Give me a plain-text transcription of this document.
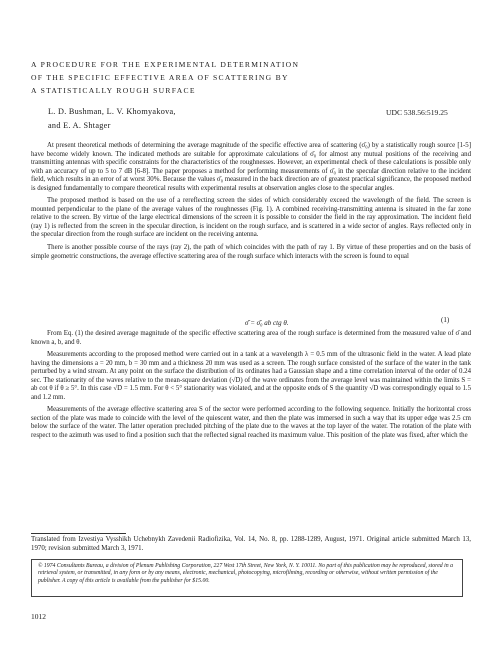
A PROCEDURE FOR THE EXPERIMENTAL DETERMINATION
OF THE SPECIFIC EFFECTIVE AREA OF SCATTERING BY
A STATISTICALLY ROUGH SURFACE
L. D. Bushman, L. V. Khomyakova,
and E. A. Shtager
UDC 538.56:519.25

At present theoretical methods of determining the average magnitude of the specific effective area of scattering (σ̄₀) by a statistically rough source [1-5] have become widely known. The indicated methods are suitable for approximate calculations of σ̄₀ for almost any mutual positions of the receiving and transmitting antennas with specific constraints for the characteristics of the roughnesses. However, an experimental check of these calculations is possible only with an accuracy of up to 5 to 7 dB [6-8]. The paper proposes a method for performing measurements of σ̄₀ in the specular direction relative to the incident field, which results in an error of at worst 30%. Because the values σ̄₀ measured in the back direction are of greatest practical significance, the proposed method is designed fundamentally to compare theoretical results with experimental results at observation angles close to the specular angles.

The proposed method is based on the use of a rereflecting screen the sides of which considerably exceed the wavelength of the field. The screen is mounted perpendicular to the plane of the average values of the roughnesses (Fig. 1). A combined receiving-transmitting antenna is situated in the far zone relative to the screen. By virtue of the large electrical dimensions of the screen it is possible to consider the field in the ray approximation. The incident field (ray 1) is reflected from the screen in the specular direction, is incident on the rough surface, and is scattered in a wide sector of angles. Rays reflected only in the specular direction from the rough surface are incident on the receiving antenna.

There is another possible course of the rays (ray 2), the path of which coincides with the path of ray 1. By virtue of these properties and on the basis of simple geometric constructions, the average effective scattering area of the rough surface which interacts with the screen is found to equal

σ̄ = σ̄₀ ab ctg θ.	(1)

From Eq. (1) the desired average magnitude of the specific effective scattering area of the rough surface is determined from the measured value of σ̄ and known a, b, and θ.

Measurements according to the proposed method were carried out in a tank at a wavelength λ = 0.5 mm of the ultrasonic field in the water. A lead plate having the dimensions a = 20 mm, b = 30 mm and a thickness 20 mm was used as a screen. The rough surface consisted of the surface of the water in the tank perturbed by a wind stream. At any point on the surface the distribution of its ordinates had a Gaussian shape and a time correlation interval of the order of 0.24 sec. The stationarity of the waves relative to the mean-square deviation (√D) of the wave ordinates from the average level was maintained within the limits S = ab cot θ if θ ≥ 5°. In this case √D = 1.5 mm. For θ < 5° stationarity was violated, and at the opposite ends of S the quantity √D was correspondingly equal to 1.5 and 1.2 mm.

Measurements of the average effective scattering area S of the sector were performed according to the following sequence. Initially the horizontal cross section of the plate was made to coincide with the level of the quiescent water, and then the plate was immersed in such a way that its upper edge was 2.5 cm below the surface of the water. The latter operation precluded pitching of the plate due to the waves at the top layer of the water. The rotation of the plate with respect to the azimuth was used to find a position such that the reflected signal reached its maximum value. This position of the plate was fixed, after which the

Translated from Izvestiya Vysshikh Uchebnykh Zavedenii Radiofizika, Vol. 14, No. 8, pp. 1288-1289, August, 1971. Original article submitted March 13, 1970; revision submitted March 3, 1971.
© 1974 Consultants Bureau, a division of Plenum Publishing Corporation, 227 West 17th Street, New York, N. Y. 10011. No part of this publication may be reproduced, stored in a retrieval system, or transmitted, in any form or by any means, electronic, mechanical, photocopying, microfilming, recording or otherwise, without written permission of the publisher. A copy of this article is available from the publisher for $15.00.
1012
